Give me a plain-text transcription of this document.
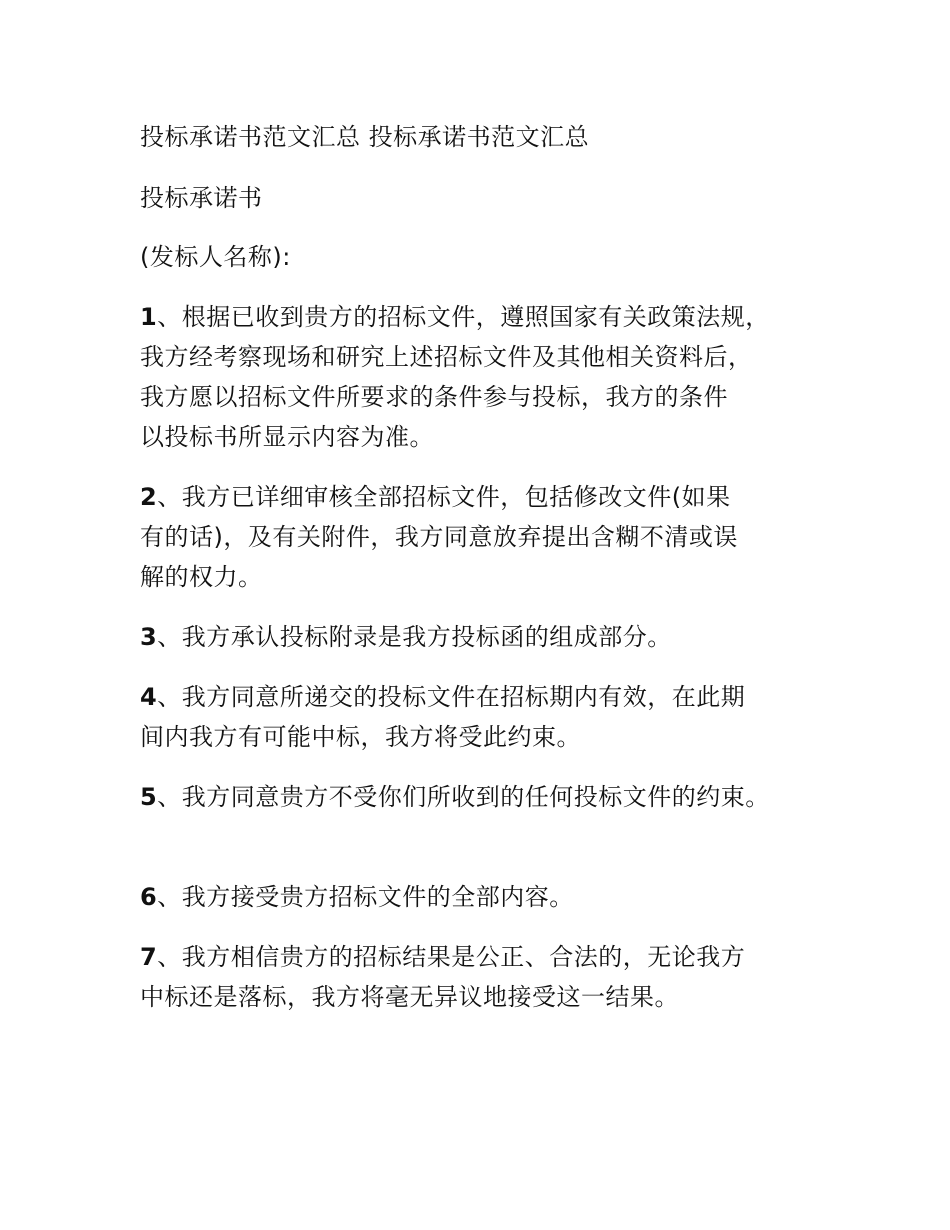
投标承诺书范文汇总 投标承诺书范文汇总
投标承诺书
(发标人名称):
1、根据已收到贵方的招标文件，遵照国家有关政策法规，
我方经考察现场和研究上述招标文件及其他相关资料后，
我方愿以招标文件所要求的条件参与投标，我方的条件
以投标书所显示内容为准。
2、我方已详细审核全部招标文件，包括修改文件(如果
有的话)，及有关附件，我方同意放弃提出含糊不清或误
解的权力。
3、我方承认投标附录是我方投标函的组成部分。
4、我方同意所递交的投标文件在招标期内有效，在此期
间内我方有可能中标，我方将受此约束。
5、我方同意贵方不受你们所收到的任何投标文件的约束。
6、我方接受贵方招标文件的全部内容。
7、我方相信贵方的招标结果是公正、合法的，无论我方
中标还是落标，我方将毫无异议地接受这一结果。
